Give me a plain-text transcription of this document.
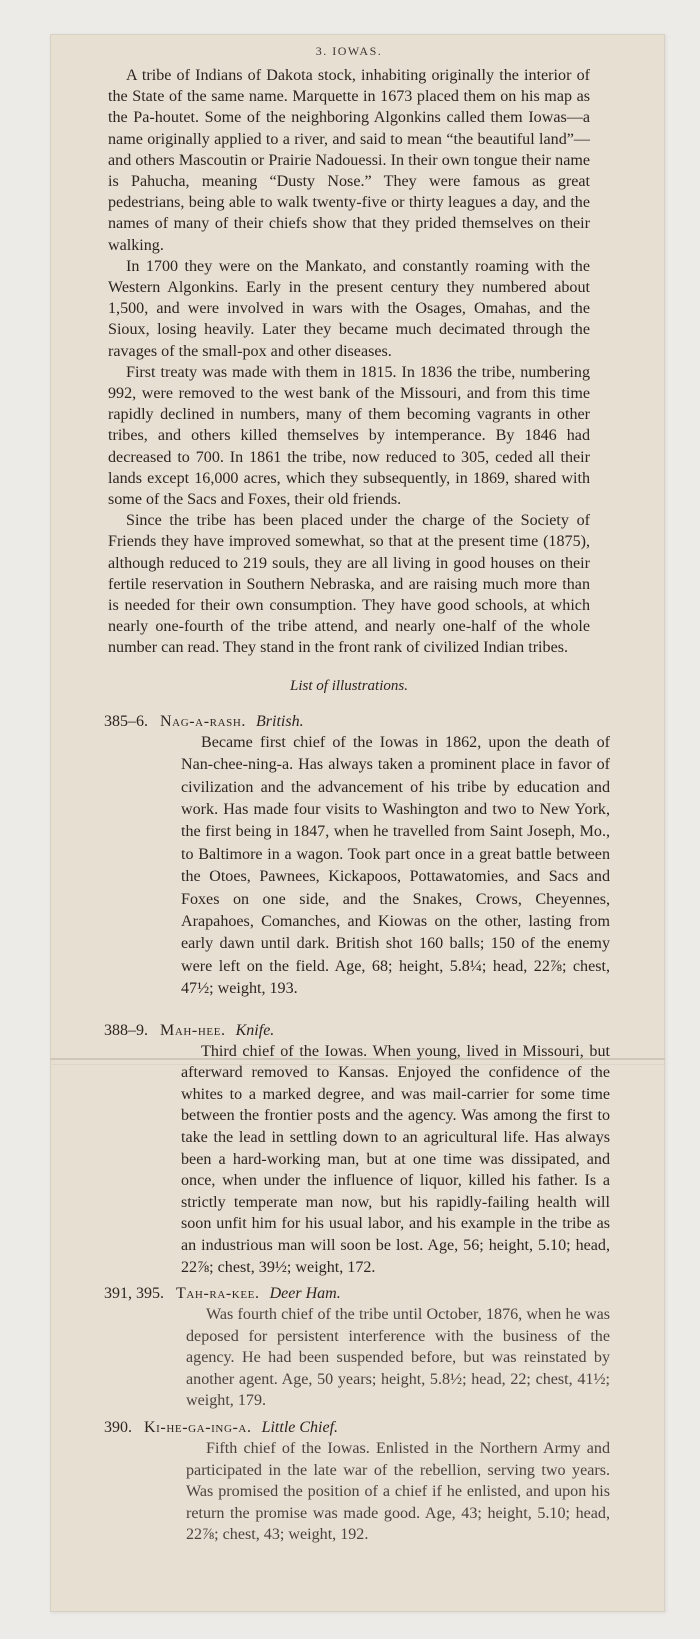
3. IOWAS.

A tribe of Indians of Dakota stock, inhabiting originally the interior of the State of the same name. Marquette in 1673 placed them on his map as the Pa-houtet. Some of the neighboring Algonkins called them Iowas—a name originally applied to a river, and said to mean “the beautiful land”—and others Mascoutin or Prairie Nadouessi. In their own tongue their name is Pahucha, meaning “Dusty Nose.” They were famous as great pedestrians, being able to walk twenty-five or thirty leagues a day, and the names of many of their chiefs show that they prided themselves on their walking.

In 1700 they were on the Mankato, and constantly roaming with the Western Algonkins. Early in the present century they numbered about 1,500, and were involved in wars with the Osages, Omahas, and the Sioux, losing heavily. Later they became much decimated through the ravages of the small-pox and other diseases.

First treaty was made with them in 1815. In 1836 the tribe, numbering 992, were removed to the west bank of the Missouri, and from this time rapidly declined in numbers, many of them becoming vagrants in other tribes, and others killed themselves by intemperance. By 1846 had decreased to 700. In 1861 the tribe, now reduced to 305, ceded all their lands except 16,000 acres, which they subsequently, in 1869, shared with some of the Sacs and Foxes, their old friends.

Since the tribe has been placed under the charge of the Society of Friends they have improved somewhat, so that at the present time (1875), although reduced to 219 souls, they are all living in good houses on their fertile reservation in Southern Nebraska, and are raising much more than is needed for their own consumption. They have good schools, at which nearly one-fourth of the tribe attend, and nearly one-half of the whole number can read. They stand in the front rank of civilized Indian tribes.

List of illustrations.
385–6. Nag-a-rash. British.
Became first chief of the Iowas in 1862, upon the death of Nan-chee-ning-a. Has always taken a prominent place in favor of civilization and the advancement of his tribe by education and work. Has made four visits to Washington and two to New York, the first being in 1847, when he travelled from Saint Joseph, Mo., to Baltimore in a wagon. Took part once in a great battle between the Otoes, Pawnees, Kickapoos, Pottawatomies, and Sacs and Foxes on one side, and the Snakes, Crows, Cheyennes, Arapahoes, Comanches, and Kiowas on the other, lasting from early dawn until dark. British shot 160 balls; 150 of the enemy were left on the field. Age, 68; height, 5.8¼; head, 22⅞; chest, 47½; weight, 193.
388–9. Mah-hee. Knife.
Third chief of the Iowas. When young, lived in Missouri, but afterward removed to Kansas. Enjoyed the confidence of the whites to a marked degree, and was mail-carrier for some time between the frontier posts and the agency. Was among the first to take the lead in settling down to an agricultural life. Has always been a hard-working man, but at one time was dissipated, and once, when under the influence of liquor, killed his father. Is a strictly temperate man now, but his rapidly-failing health will soon unfit him for his usual labor, and his example in the tribe as an industrious man will soon be lost. Age, 56; height, 5.10; head, 22⅞; chest, 39½; weight, 172.
391, 395. Tah-ra-kee. Deer Ham.
Was fourth chief of the tribe until October, 1876, when he was deposed for persistent interference with the business of the agency. He had been suspended before, but was reinstated by another agent. Age, 50 years; height, 5.8½; head, 22; chest, 41½; weight, 179.
390. Ki-he-ga-ing-a. Little Chief.
Fifth chief of the Iowas. Enlisted in the Northern Army and participated in the late war of the rebellion, serving two years. Was promised the position of a chief if he enlisted, and upon his return the promise was made good. Age, 43; height, 5.10; head, 22⅞; chest, 43; weight, 192.
